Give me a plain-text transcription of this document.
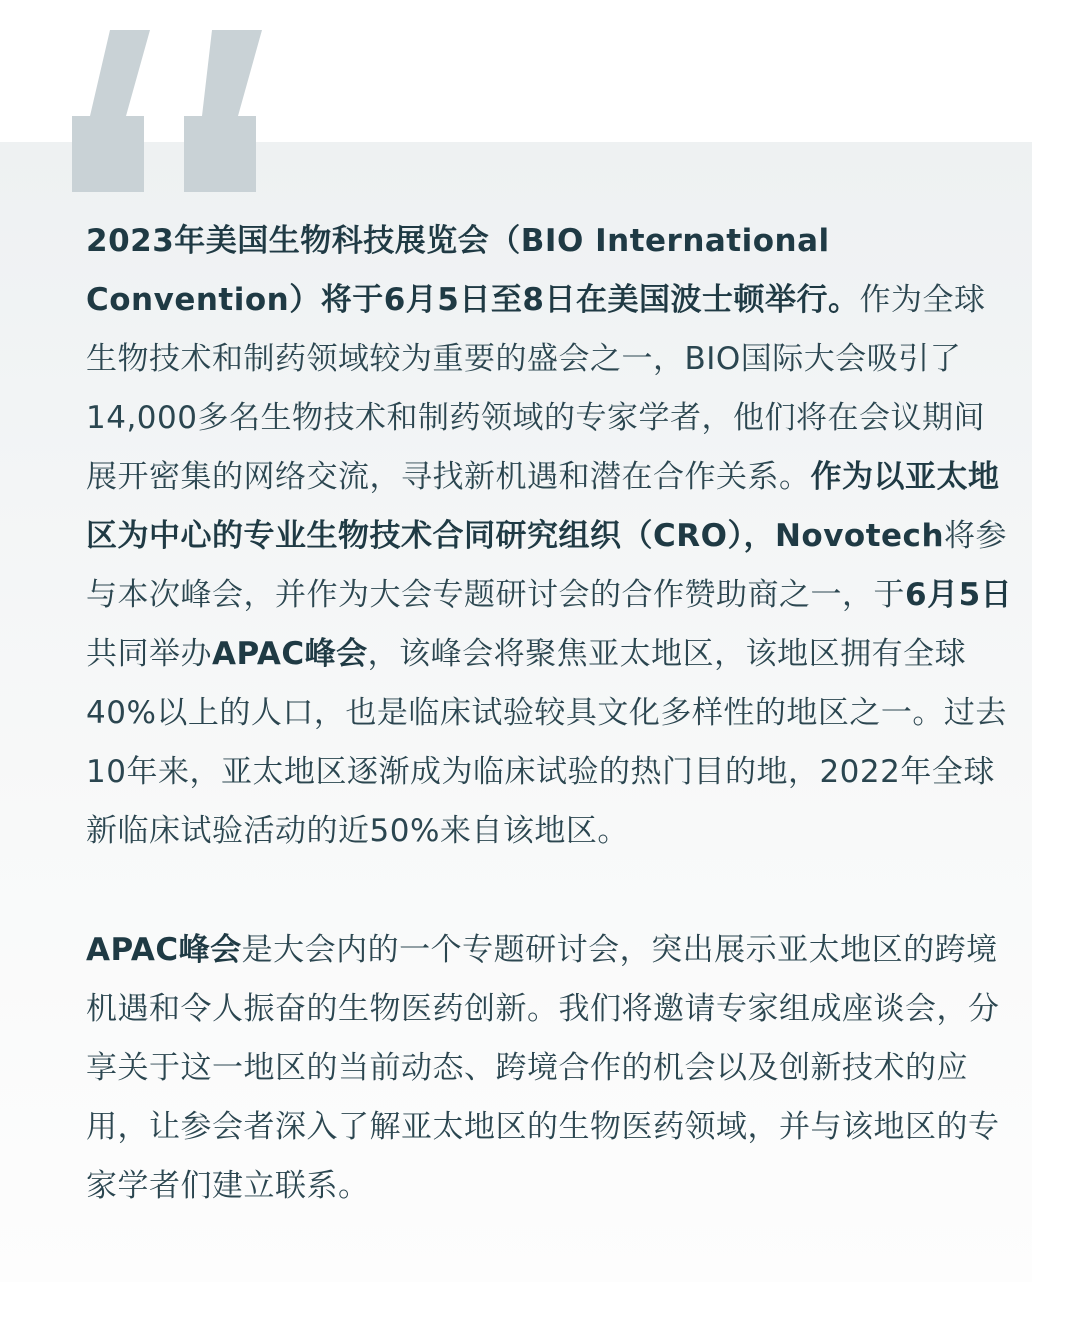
2023年美国生物科技展览会（BIO International Convention）将于6月5日至8日在美国波士顿举行。作为全球生物技术和制药领域较为重要的盛会之一，BIO国际大会吸引了14,000多名生物技术和制药领域的专家学者，他们将在会议期间展开密集的网络交流，寻找新机遇和潜在合作关系。作为以亚太地区为中心的专业生物技术合同研究组织（CRO），Novotech将参与本次峰会，并作为大会专题研讨会的合作赞助商之一，于6月5日共同举办APAC峰会，该峰会将聚焦亚太地区，该地区拥有全球40%以上的人口，也是临床试验较具文化多样性的地区之一。过去10年来，亚太地区逐渐成为临床试验的热门目的地，2022年全球新临床试验活动的近50%来自该地区。

APAC峰会是大会内的一个专题研讨会，突出展示亚太地区的跨境机遇和令人振奋的生物医药创新。我们将邀请专家组成座谈会，分享关于这一地区的当前动态、跨境合作的机会以及创新技术的应用，让参会者深入了解亚太地区的生物医药领域，并与该地区的专家学者们建立联系。
